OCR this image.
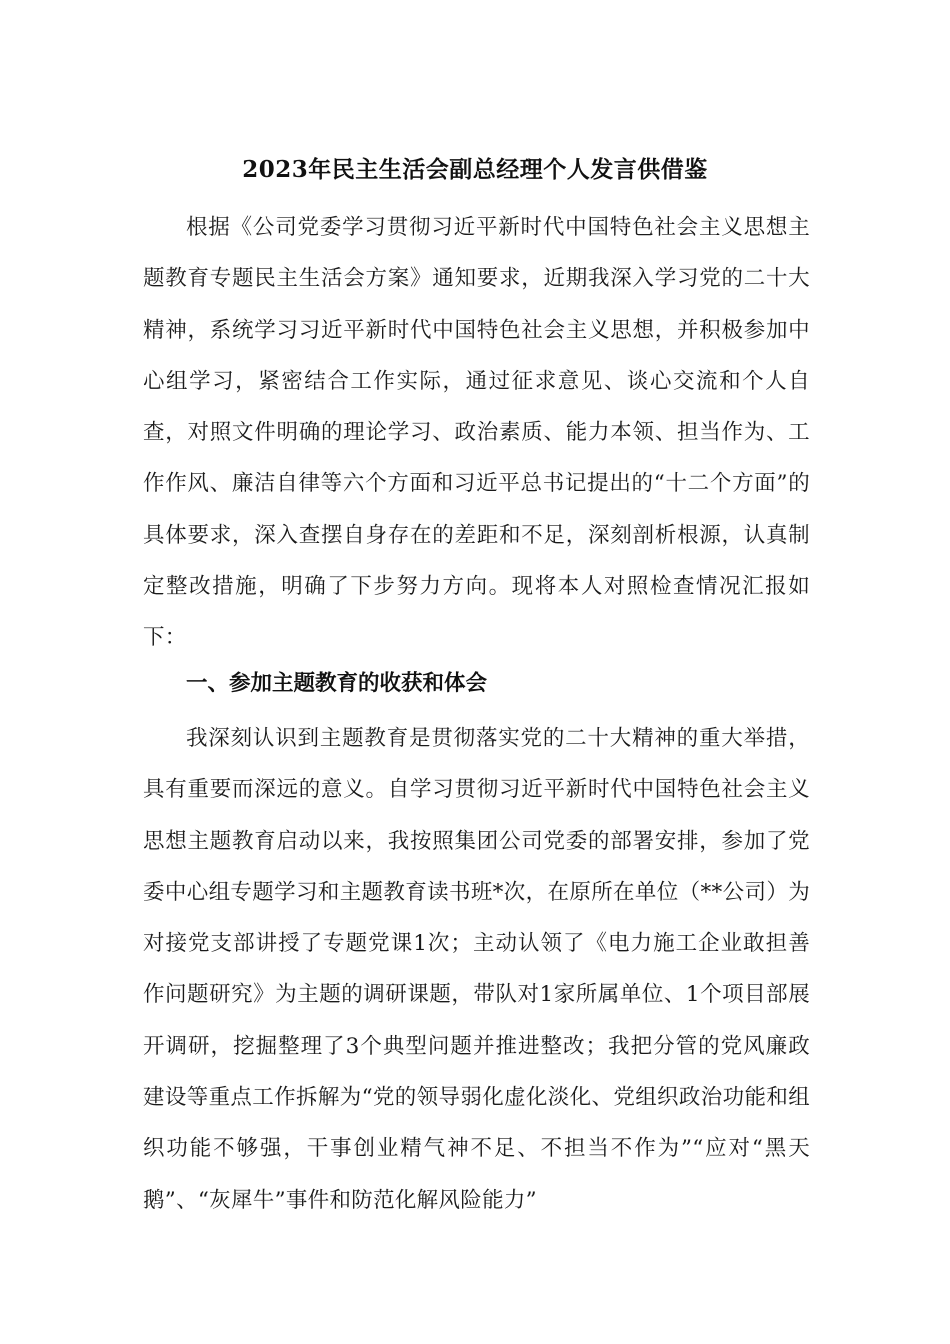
2023年民主生活会副总经理个人发言供借鉴

根据《公司党委学习贯彻习近平新时代中国特色社会主义思想主题教育专题民主生活会方案》通知要求，近期我深入学习党的二十大精神，系统学习习近平新时代中国特色社会主义思想，并积极参加中心组学习，紧密结合工作实际，通过征求意见、谈心交流和个人自查，对照文件明确的理论学习、政治素质、能力本领、担当作为、工作作风、廉洁自律等六个方面和习近平总书记提出的“十二个方面”的具体要求，深入查摆自身存在的差距和不足，深刻剖析根源，认真制定整改措施，明确了下步努力方向。现将本人对照检查情况汇报如下：

一、参加主题教育的收获和体会

我深刻认识到主题教育是贯彻落实党的二十大精神的重大举措，具有重要而深远的意义。自学习贯彻习近平新时代中国特色社会主义思想主题教育启动以来，我按照集团公司党委的部署安排，参加了党委中心组专题学习和主题教育读书班*次，在原所在单位（**公司）为对接党支部讲授了专题党课1次；主动认领了《电力施工企业敢担善作问题研究》为主题的调研课题，带队对1家所属单位、1个项目部展开调研，挖掘整理了3个典型问题并推进整改；我把分管的党风廉政建设等重点工作拆解为“党的领导弱化虚化淡化、党组织政治功能和组织功能不够强，干事创业精气神不足、不担当不作为”“应对“黑天鹅”、“灰犀牛”事件和防范化解风险能力”
